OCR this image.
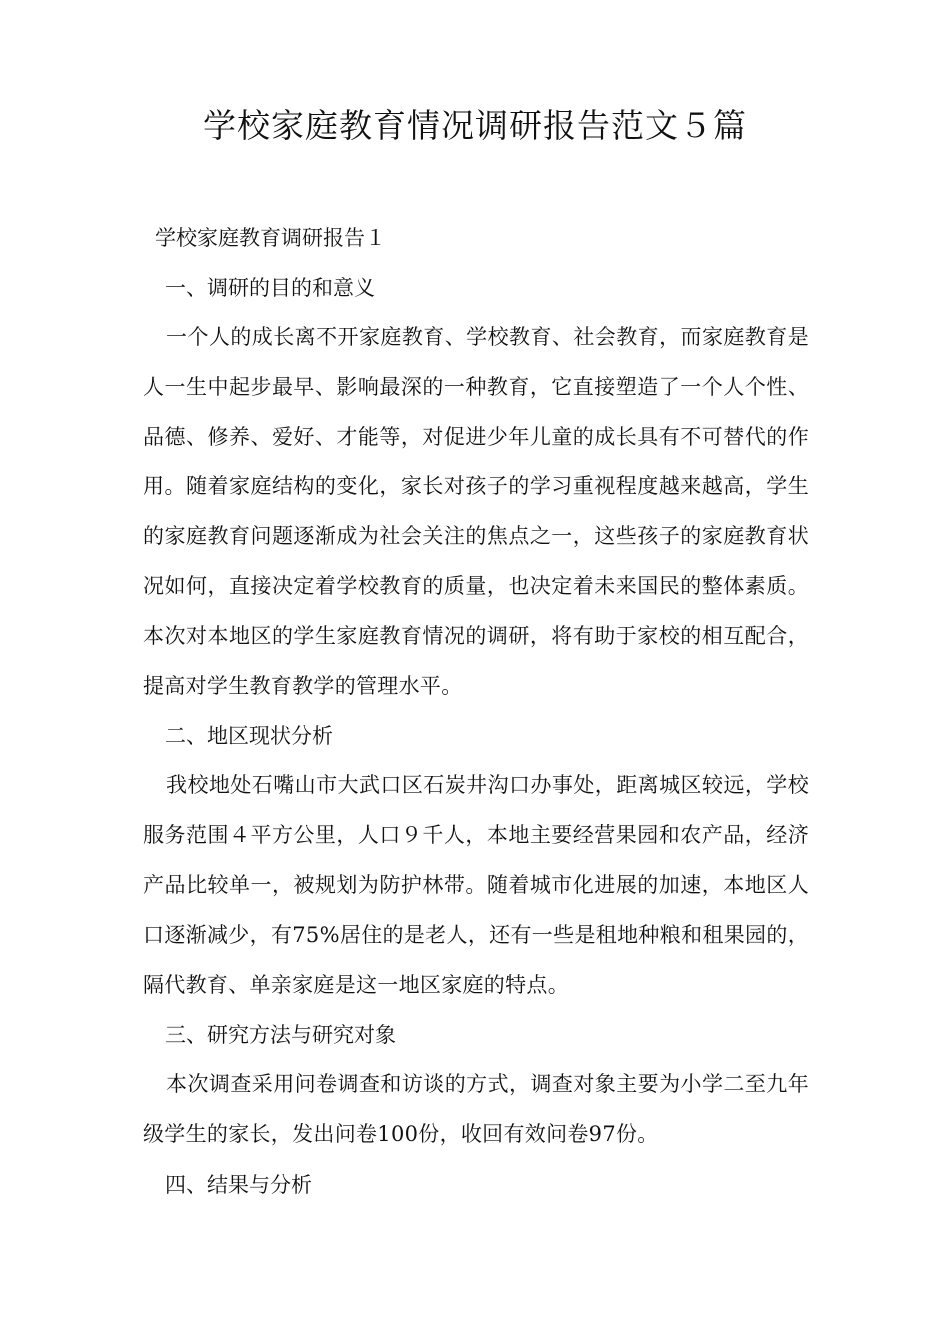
学校家庭教育情况调研报告范文５篇

学校家庭教育调研报告１

一、调研的目的和意义

一个人的成长离不开家庭教育、学校教育、社会教育，而家庭教育是人一生中起步最早、影响最深的一种教育，它直接塑造了一个人个性、品德、修养、爱好、才能等，对促进少年儿童的成长具有不可替代的作用。随着家庭结构的变化，家长对孩子的学习重视程度越来越高，学生的家庭教育问题逐渐成为社会关注的焦点之一，这些孩子的家庭教育状况如何，直接决定着学校教育的质量，也决定着未来国民的整体素质。本次对本地区的学生家庭教育情况的调研，将有助于家校的相互配合，提高对学生教育教学的管理水平。

二、地区现状分析

我校地处石嘴山市大武口区石炭井沟口办事处，距离城区较远，学校服务范围４平方公里，人口９千人，本地主要经营果园和农产品，经济产品比较单一，被规划为防护林带。随着城市化进展的加速，本地区人口逐渐减少，有75%居住的是老人，还有一些是租地种粮和租果园的，隔代教育、单亲家庭是这一地区家庭的特点。

三、研究方法与研究对象

本次调查采用问卷调查和访谈的方式，调查对象主要为小学二至九年级学生的家长，发出问卷100份，收回有效问卷97份。

四、结果与分析
